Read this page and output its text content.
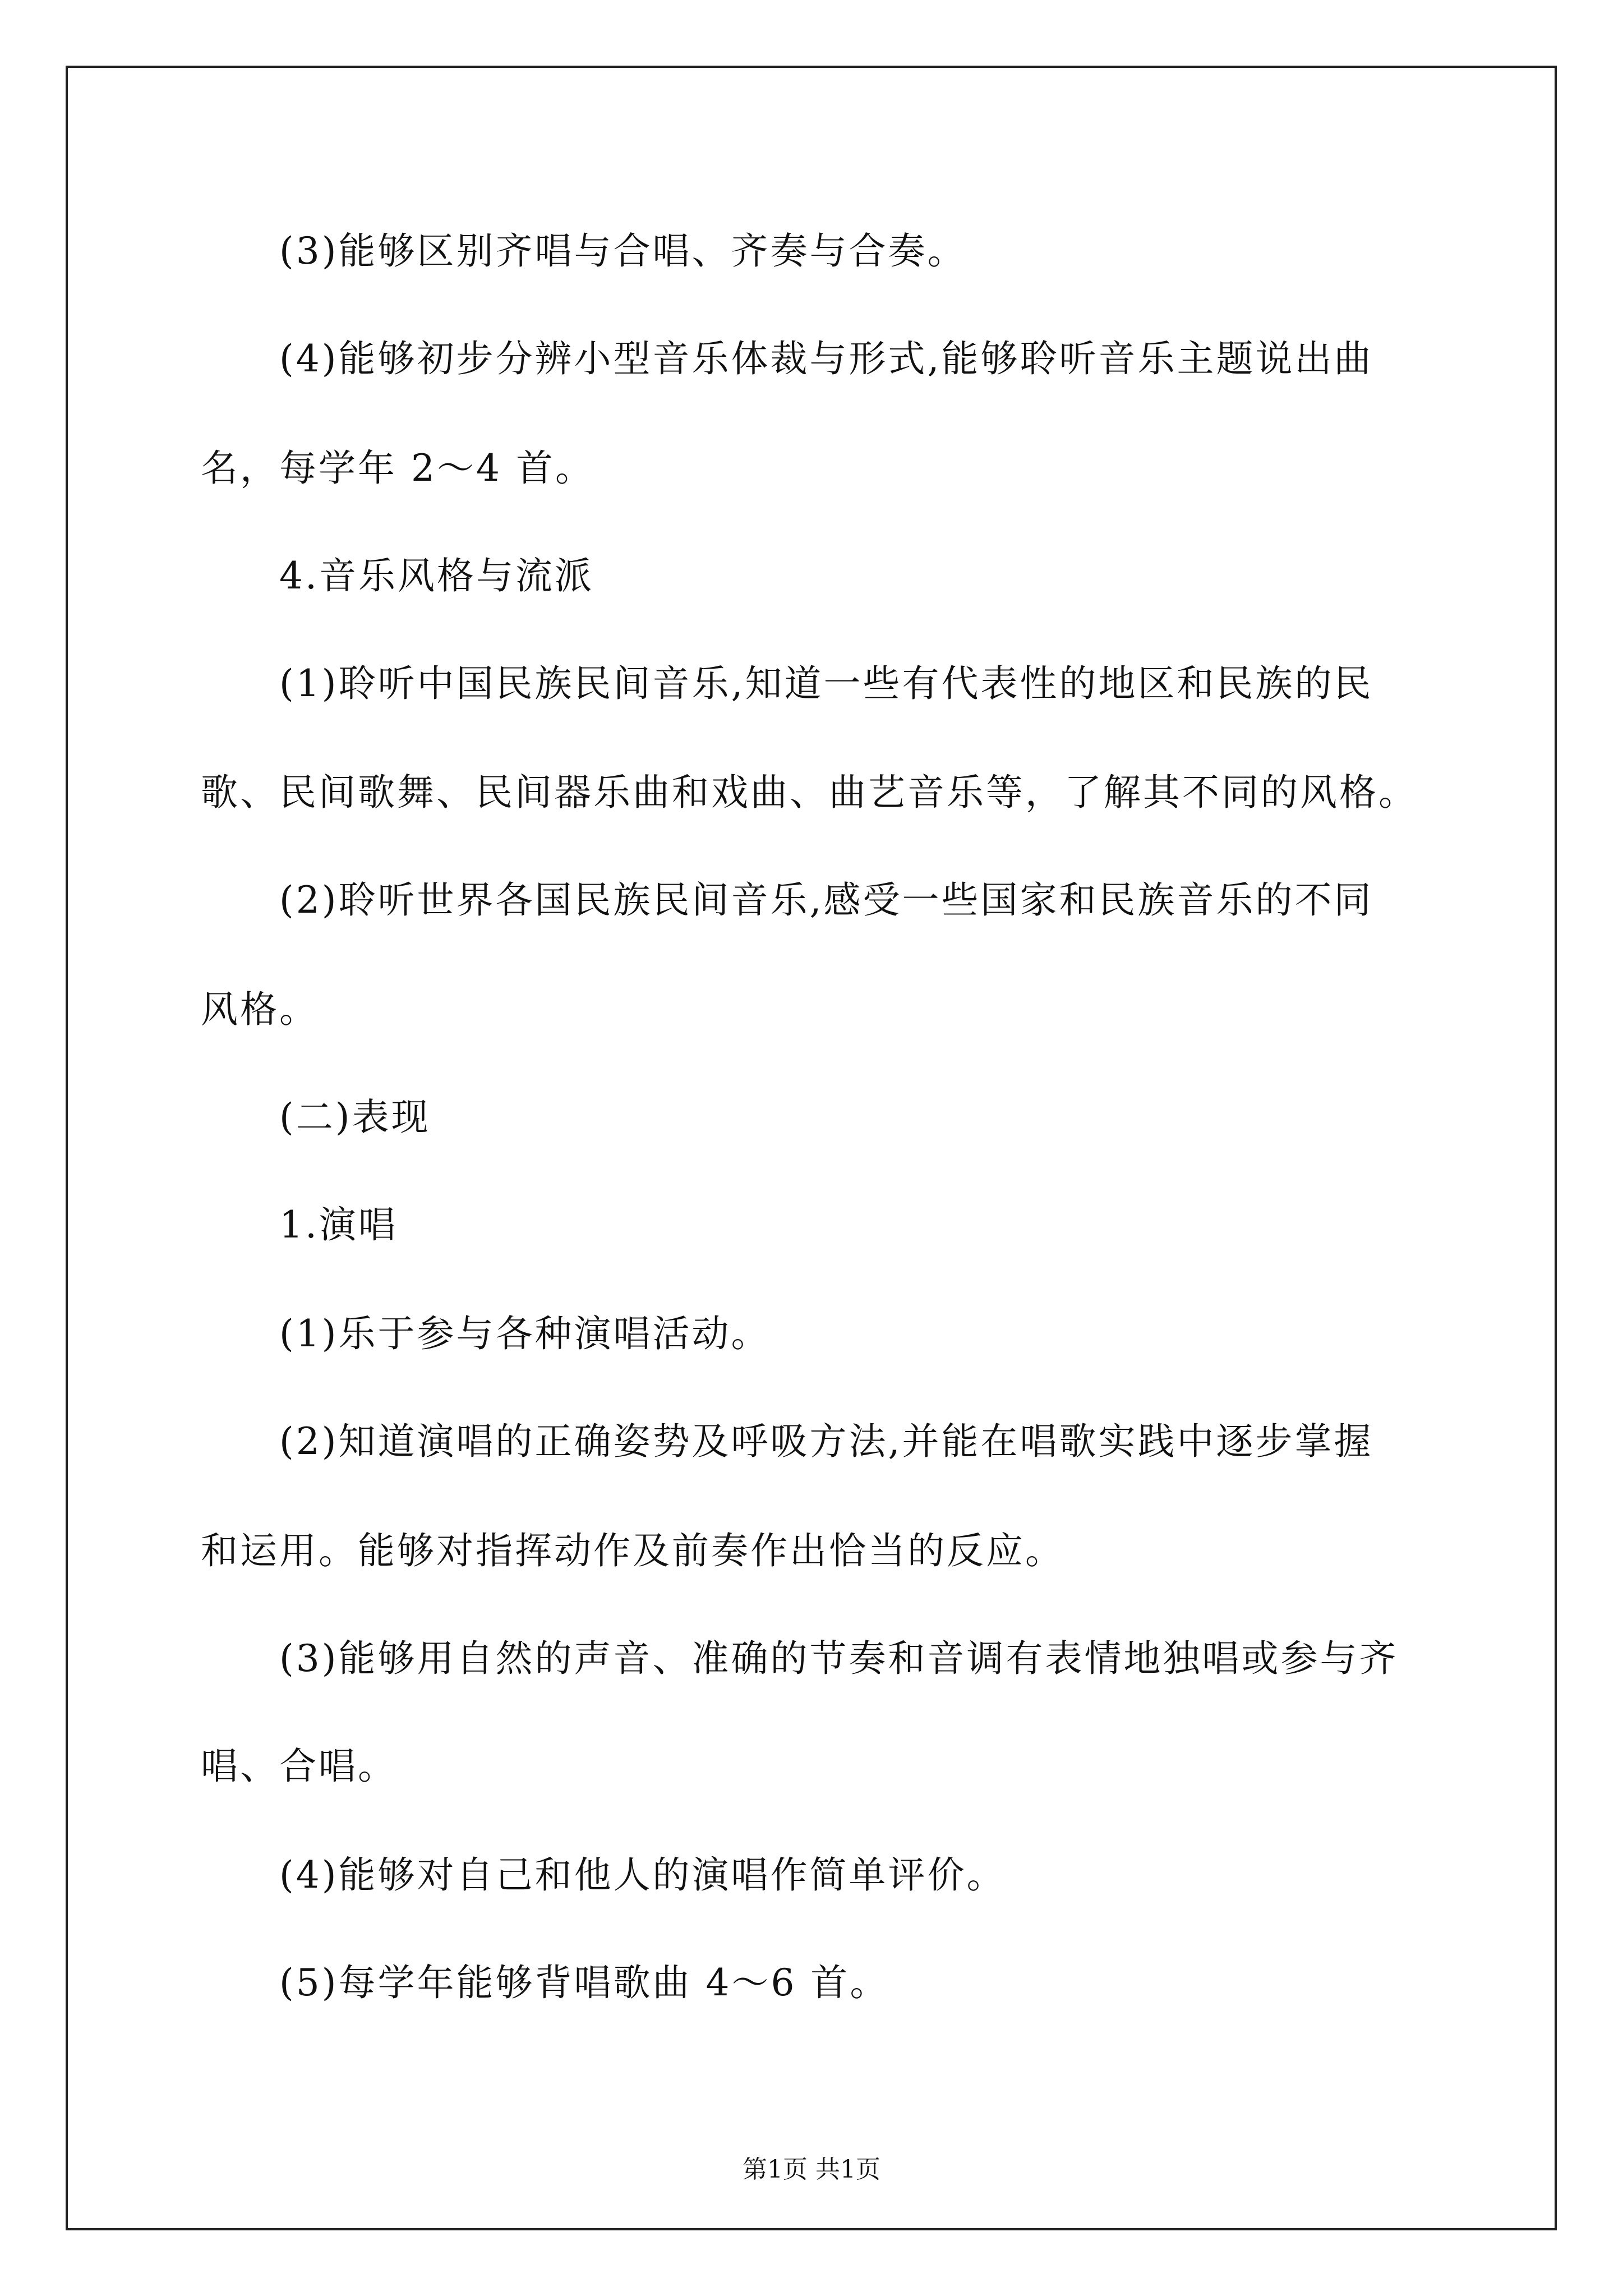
(3)能够区别齐唱与合唱、齐奏与合奏。
(4)能够初步分辨小型音乐体裁与形式,能够聆听音乐主题说出曲
名，每学年 2～4 首。
4.音乐风格与流派
(1)聆听中国民族民间音乐,知道一些有代表性的地区和民族的民
歌、民间歌舞、民间器乐曲和戏曲、曲艺音乐等，了解其不同的风格。
(2)聆听世界各国民族民间音乐,感受一些国家和民族音乐的不同
风格。
(二)表现
1.演唱
(1)乐于参与各种演唱活动。
(2)知道演唱的正确姿势及呼吸方法,并能在唱歌实践中逐步掌握
和运用。能够对指挥动作及前奏作出恰当的反应。
(3)能够用自然的声音、准确的节奏和音调有表情地独唱或参与齐
唱、合唱。
(4)能够对自己和他人的演唱作简单评价。
(5)每学年能够背唱歌曲 4～6 首。
第1页 共1页
